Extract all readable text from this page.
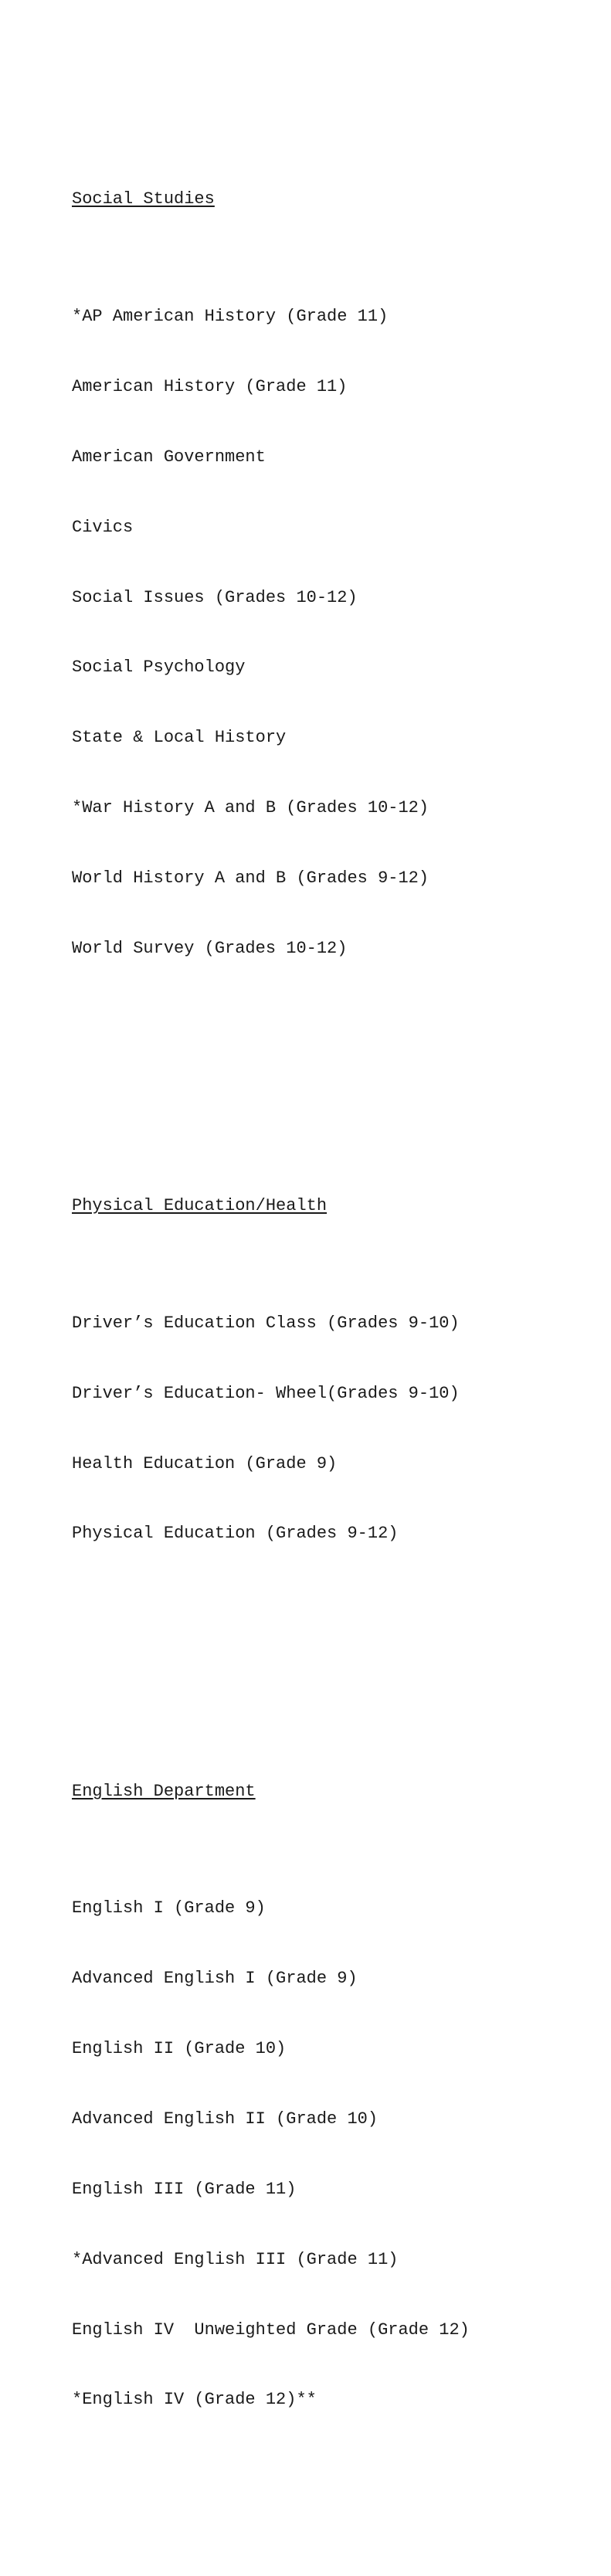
Social Studies

*AP American History (Grade 11)

American History (Grade 11)

American Government

Civics

Social Issues (Grades 10-12)

Social Psychology

State & Local History

*War History A and B (Grades 10-12)

World History A and B (Grades 9-12)

World Survey (Grades 10-12)

Physical Education/Health

Driver’s Education Class (Grades 9-10)

Driver’s Education- Wheel(Grades 9-10)

Health Education (Grade 9)

Physical Education (Grades 9-12)

English Department

English I (Grade 9)

Advanced English I (Grade 9)

English II (Grade 10)

Advanced English II (Grade 10)

English III (Grade 11)

*Advanced English III (Grade 11)

English IV  Unweighted Grade (Grade 12)

*English IV (Grade 12)**
